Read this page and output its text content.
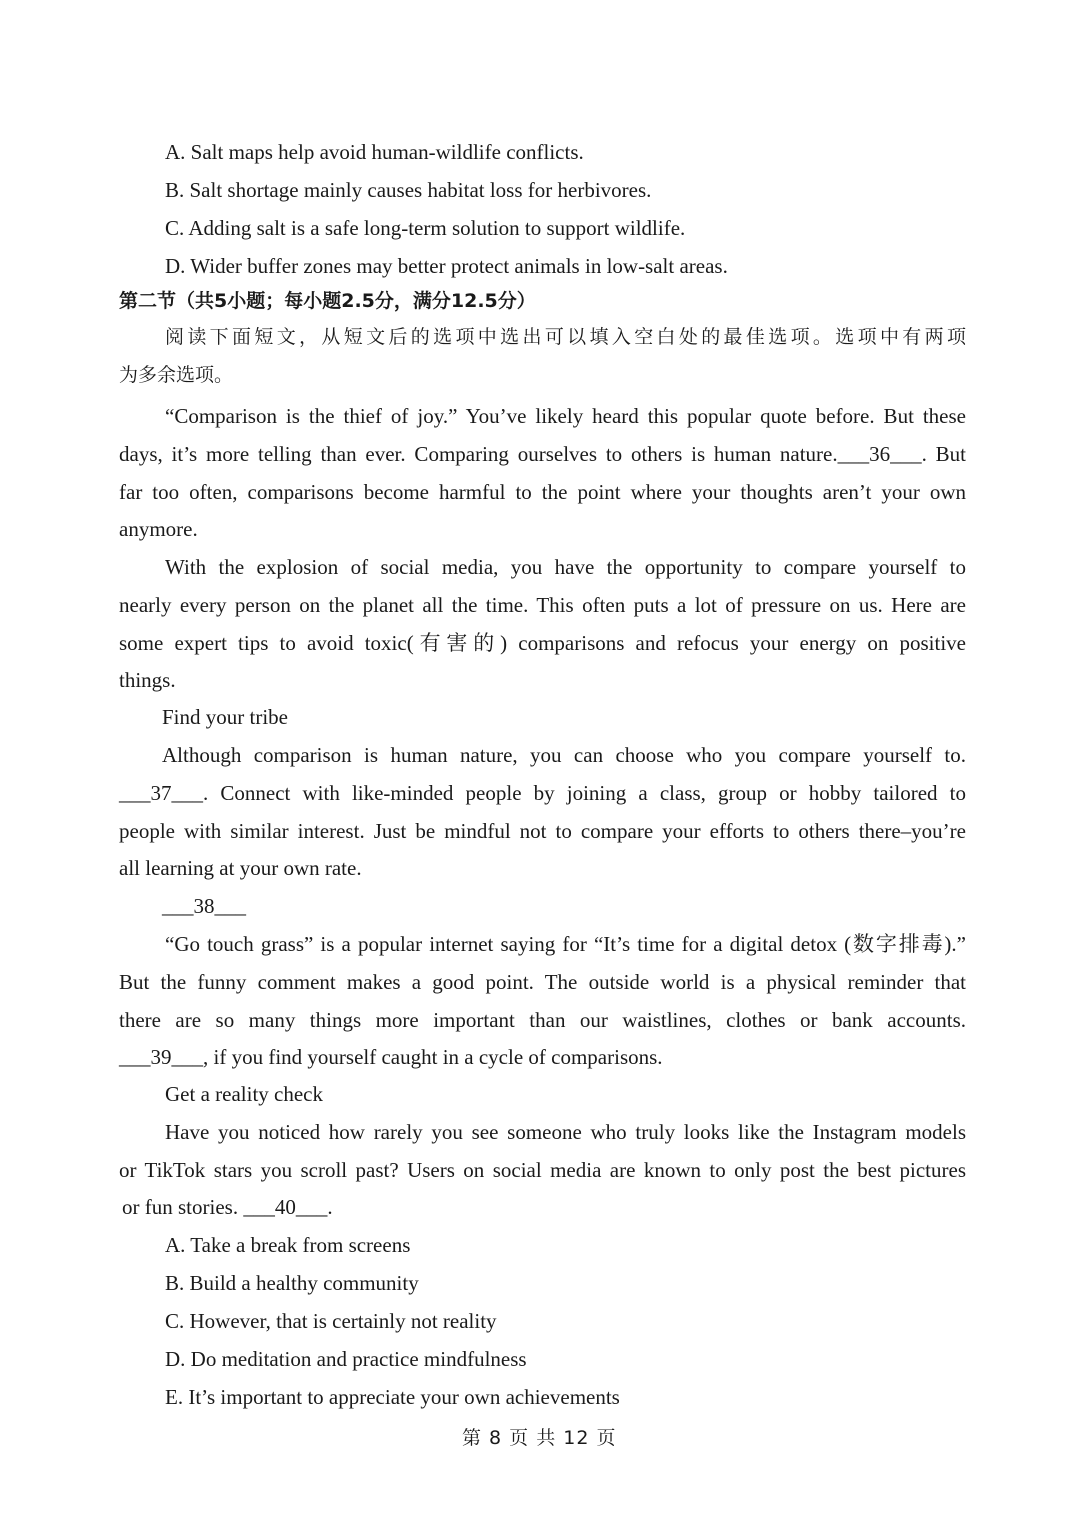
A. Salt maps help avoid human-wildlife conflicts.
B. Salt shortage mainly causes habitat loss for herbivores.
C. Adding salt is a safe long-term solution to support wildlife.
D. Wider buffer zones may better protect animals in low-salt areas.
第二节（共5小题；每小题2.5分，满分12.5分）
阅读下面短文，从短文后的选项中选出可以填入空白处的最佳选项。选项中有两项
为多余选项。
“Comparison is the thief of joy.” You’ve likely heard this popular quote before. But these
days, it’s more telling than ever. Comparing ourselves to others is human nature.___36___. But
far too often, comparisons become harmful to the point where your thoughts aren’t your own
anymore.
With the explosion of social media, you have the opportunity to compare yourself to
nearly every person on the planet all the time. This often puts a lot of pressure on us. Here are
some expert tips to avoid toxic(有害的) comparisons and refocus your energy on positive
things.
Find your tribe
Although comparison is human nature, you can choose who you compare yourself to.
___37___. Connect with like-minded people by joining a class, group or hobby tailored to
people with similar interest. Just be mindful not to compare your efforts to others there–you’re
all learning at your own rate.
___38___
“Go touch grass” is a popular internet saying for “It’s time for a digital detox (数字排毒).”
But the funny comment makes a good point. The outside world is a physical reminder that
there are so many things more important than our waistlines, clothes or bank accounts.
___39___, if you find yourself caught in a cycle of comparisons.
Get a reality check
Have you noticed how rarely you see someone who truly looks like the Instagram models
or TikTok stars you scroll past? Users on social media are known to only post the best pictures
or fun stories. ___40___.
A. Take a break from screens
B. Build a healthy community
C. However, that is certainly not reality
D. Do meditation and practice mindfulness
E. It’s important to appreciate your own achievements
第 8 页 共 12 页
